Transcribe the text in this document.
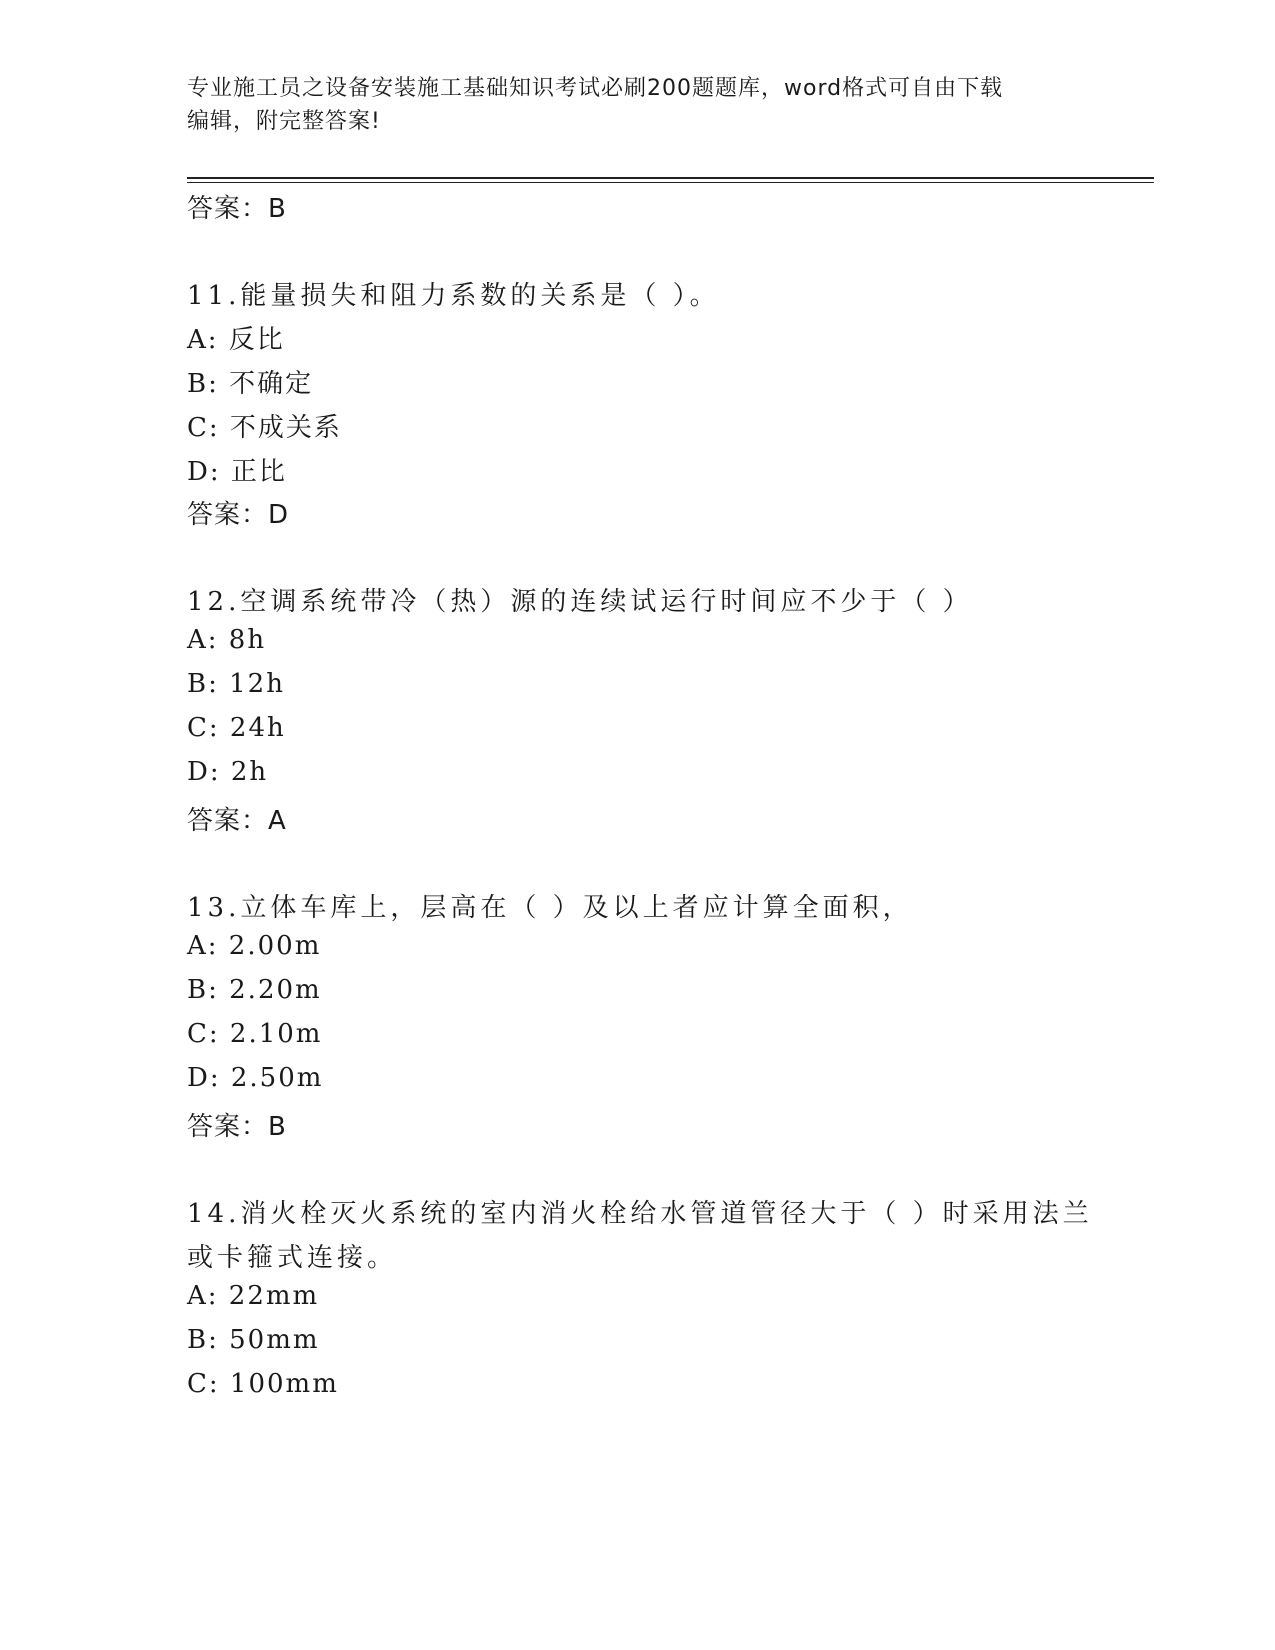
专业施工员之设备安装施工基础知识考试必刷200题题库，word格式可自由下载
编辑，附完整答案!
答案：B
11.能量损失和阻力系数的关系是（ ）。
A: 反比
B: 不确定
C: 不成关系
D: 正比
答案：D
12.空调系统带冷（热）源的连续试运行时间应不少于（ ）
A: 8h
B: 12h
C: 24h
D: 2h
答案：A
13.立体车库上，层高在（ ）及以上者应计算全面积，
A: 2.00m
B: 2.20m
C: 2.10m
D: 2.50m
答案：B
14.消火栓灭火系统的室内消火栓给水管道管径大于（ ）时采用法兰
或卡箍式连接。
A: 22mm
B: 50mm
C: 100mm
